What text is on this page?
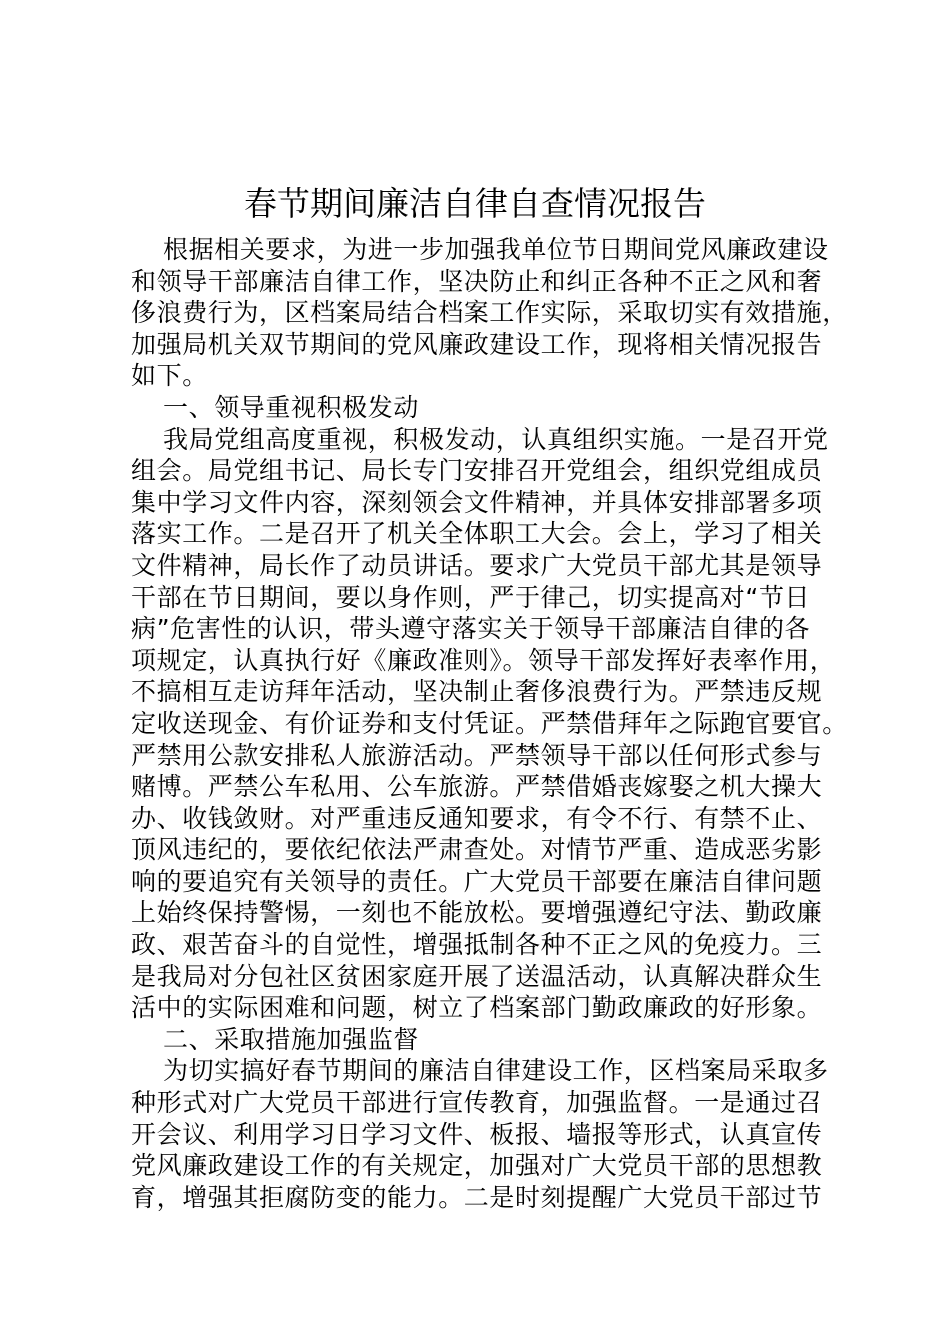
春节期间廉洁自律自查情况报告
根据相关要求，为进一步加强我单位节日期间党风廉政建设
和领导干部廉洁自律工作，坚决防止和纠正各种不正之风和奢
侈浪费行为，区档案局结合档案工作实际，采取切实有效措施，
加强局机关双节期间的党风廉政建设工作，现将相关情况报告
如下。
一、领导重视积极发动
我局党组高度重视，积极发动，认真组织实施。一是召开党
组会。局党组书记、局长专门安排召开党组会，组织党组成员
集中学习文件内容，深刻领会文件精神，并具体安排部署多项
落实工作。二是召开了机关全体职工大会。会上，学习了相关
文件精神，局长作了动员讲话。要求广大党员干部尤其是领导
干部在节日期间，要以身作则，严于律己，切实提高对“节日
病”危害性的认识，带头遵守落实关于领导干部廉洁自律的各
项规定，认真执行好《廉政准则》。领导干部发挥好表率作用，
不搞相互走访拜年活动，坚决制止奢侈浪费行为。严禁违反规
定收送现金、有价证券和支付凭证。严禁借拜年之际跑官要官。
严禁用公款安排私人旅游活动。严禁领导干部以任何形式参与
赌博。严禁公车私用、公车旅游。严禁借婚丧嫁娶之机大操大
办、收钱敛财。对严重违反通知要求，有令不行、有禁不止、
顶风违纪的，要依纪依法严肃查处。对情节严重、造成恶劣影
响的要追究有关领导的责任。广大党员干部要在廉洁自律问题
上始终保持警惕，一刻也不能放松。要增强遵纪守法、勤政廉
政、艰苦奋斗的自觉性，增强抵制各种不正之风的免疫力。三
是我局对分包社区贫困家庭开展了送温活动，认真解决群众生
活中的实际困难和问题，树立了档案部门勤政廉政的好形象。
二、采取措施加强监督
为切实搞好春节期间的廉洁自律建设工作，区档案局采取多
种形式对广大党员干部进行宣传教育，加强监督。一是通过召
开会议、利用学习日学习文件、板报、墙报等形式，认真宣传
党风廉政建设工作的有关规定，加强对广大党员干部的思想教
育，增强其拒腐防变的能力。二是时刻提醒广大党员干部过节
